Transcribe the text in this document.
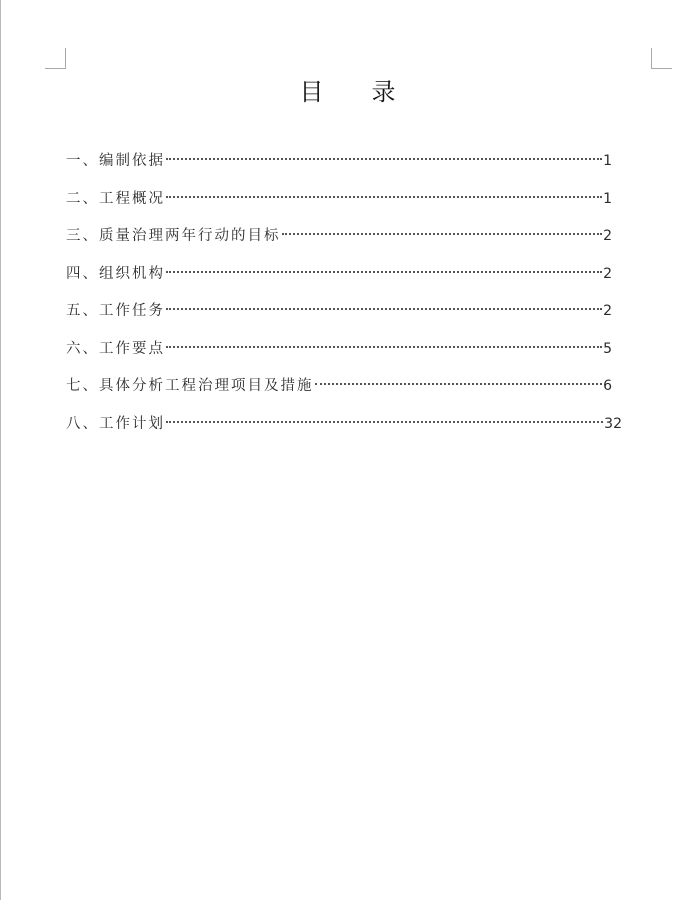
目 录
一、编制依据	1
二、工程概况	1
三、质量治理两年行动的目标	2
四、组织机构	2
五、工作任务	2
六、工作要点	5
七、具体分析工程治理项目及措施	6
八、工作计划	32
